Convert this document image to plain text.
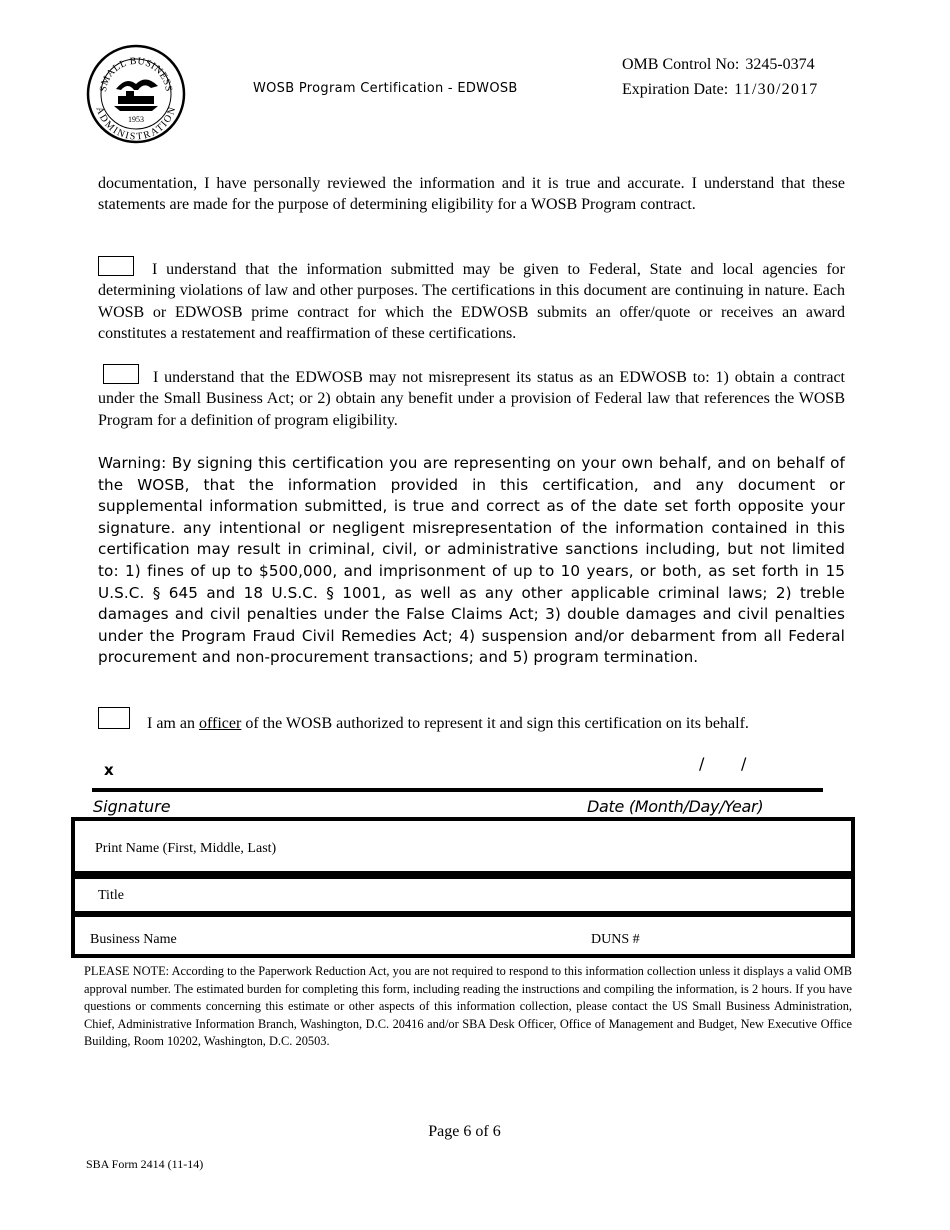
SMALL BUSINESS
ADMINISTRATION
1953
WOSB Program Certification - EDWOSB
OMB Control No: 3245-0374
Expiration Date: 11/30/2017
documentation, I have personally reviewed the information and it is true and accurate. I understand that these statements are made for the purpose of determining eligibility for a WOSB Program contract.
I understand that the information submitted may be given to Federal, State and local agencies for determining violations of law and other purposes. The certifications in this document are continuing in nature. Each WOSB or EDWOSB prime contract for which the EDWOSB submits an offer/quote or receives an award constitutes a restatement and reaffirmation of these certifications.
I understand that the EDWOSB may not misrepresent its status as an EDWOSB to: 1) obtain a contract under the Small Business Act; or 2) obtain any benefit under a provision of Federal law that references the WOSB Program for a definition of program eligibility.
Warning: By signing this certification you are representing on your own behalf, and on behalf of the WOSB, that the information provided in this certification, and any document or supplemental information submitted, is true and correct as of the date set forth opposite your signature. any intentional or negligent misrepresentation of the information contained in this certification may result in criminal, civil, or administrative sanctions including, but not limited to: 1) fines of up to $500,000, and imprisonment of up to 10 years, or both, as set forth in 15 U.S.C. § 645 and 18 U.S.C. § 1001, as well as any other applicable criminal laws; 2) treble damages and civil penalties under the False Claims Act; 3) double damages and civil penalties under the Program Fraud Civil Remedies Act; 4) suspension and/or debarment from all Federal procurement and non-procurement transactions; and 5) program termination.
I am an officer of the WOSB authorized to represent it and sign this certification on its behalf.
x	/ /
Signature	Date (Month/Day/Year)
Print Name (First, Middle, Last)
Title
Business Name	DUNS #
PLEASE NOTE: According to the Paperwork Reduction Act, you are not required to respond to this information collection unless it displays a valid OMB approval number. The estimated burden for completing this form, including reading the instructions and compiling the information, is 2 hours. If you have questions or comments concerning this estimate or other aspects of this information collection, please contact the US Small Business Administration, Chief, Administrative Information Branch, Washington, D.C. 20416 and/or SBA Desk Officer, Office of Management and Budget, New Executive Office Building, Room 10202, Washington, D.C. 20503.
Page 6 of 6
SBA Form 2414 (11-14)
